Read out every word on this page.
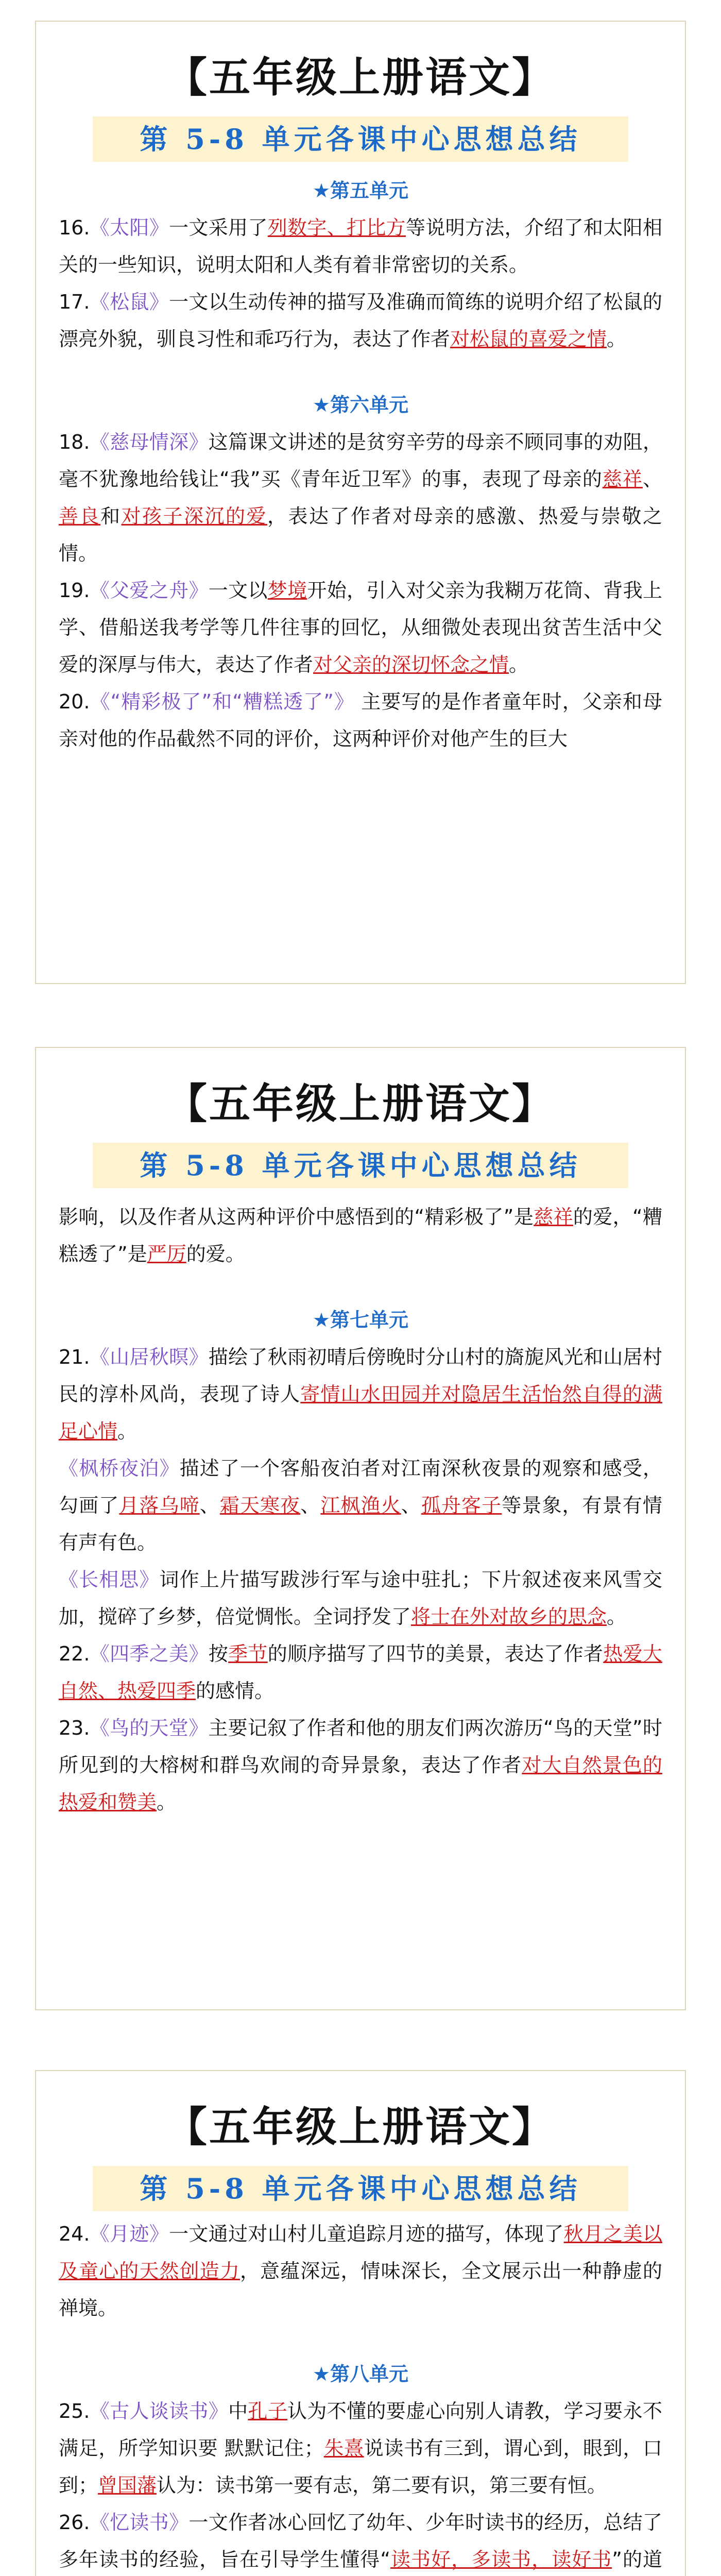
【五年级上册语文】
第 5-8 单元各课中心思想总结

★第五单元

16.《太阳》一文采用了列数字、打比方等说明方法，介绍了和太阳相关的一些知识，说明太阳和人类有着非常密切的关系。

17.《松鼠》一文以生动传神的描写及准确而简练的说明介绍了松鼠的漂亮外貌，驯良习性和乖巧行为，表达了作者对松鼠的喜爱之情。

★第六单元

18.《慈母情深》这篇课文讲述的是贫穷辛劳的母亲不顾同事的劝阻，毫不犹豫地给钱让“我”买《青年近卫军》的事，表现了母亲的慈祥、善良和对孩子深沉的爱，表达了作者对母亲的感激、热爱与崇敬之情。

19.《父爱之舟》一文以梦境开始，引入对父亲为我糊万花筒、背我上学、借船送我考学等几件往事的回忆，从细微处表现出贫苦生活中父爱的深厚与伟大，表达了作者对父亲的深切怀念之情。

20.《“精彩极了”和“糟糕透了”》 主要写的是作者童年时，父亲和母亲对他的作品截然不同的评价，这两种评价对他产生的巨大

【五年级上册语文】
第 5-8 单元各课中心思想总结

影响，以及作者从这两种评价中感悟到的“精彩极了”是慈祥的爱，“糟糕透了”是严厉的爱。

★第七单元

21.《山居秋暝》描绘了秋雨初晴后傍晚时分山村的旖旎风光和山居村民的淳朴风尚，表现了诗人寄情山水田园并对隐居生活怡然自得的满足心情。

《枫桥夜泊》描述了一个客船夜泊者对江南深秋夜景的观察和感受，勾画了月落乌啼、霜天寒夜、江枫渔火、孤舟客子等景象，有景有情有声有色。

《长相思》词作上片描写跋涉行军与途中驻扎；下片叙述夜来风雪交加，搅碎了乡梦，倍觉惆怅。全词抒发了将士在外对故乡的思念。

22.《四季之美》按季节的顺序描写了四节的美景，表达了作者热爱大自然、热爱四季的感情。

23.《鸟的天堂》主要记叙了作者和他的朋友们两次游历“鸟的天堂”时所见到的大榕树和群鸟欢闹的奇异景象，表达了作者对大自然景色的热爱和赞美。

【五年级上册语文】
第 5-8 单元各课中心思想总结

24.《月迹》一文通过对山村儿童追踪月迹的描写，体现了秋月之美以及童心的天然创造力，意蕴深远，情味深长，全文展示出一种静虚的禅境。

★第八单元

25.《古人谈读书》中孔子认为不懂的要虚心向别人请教，学习要永不满足，所学知识要 默默记住；朱熹说读书有三到，谓心到，眼到，口到；曾国藩认为：读书第一要有志，第二要有识，第三要有恒。

26.《忆读书》一文作者冰心回忆了幼年、少年时读书的经历，总结了多年读书的经验，旨在引导学生懂得“读书好，多读书，读好书”的道
